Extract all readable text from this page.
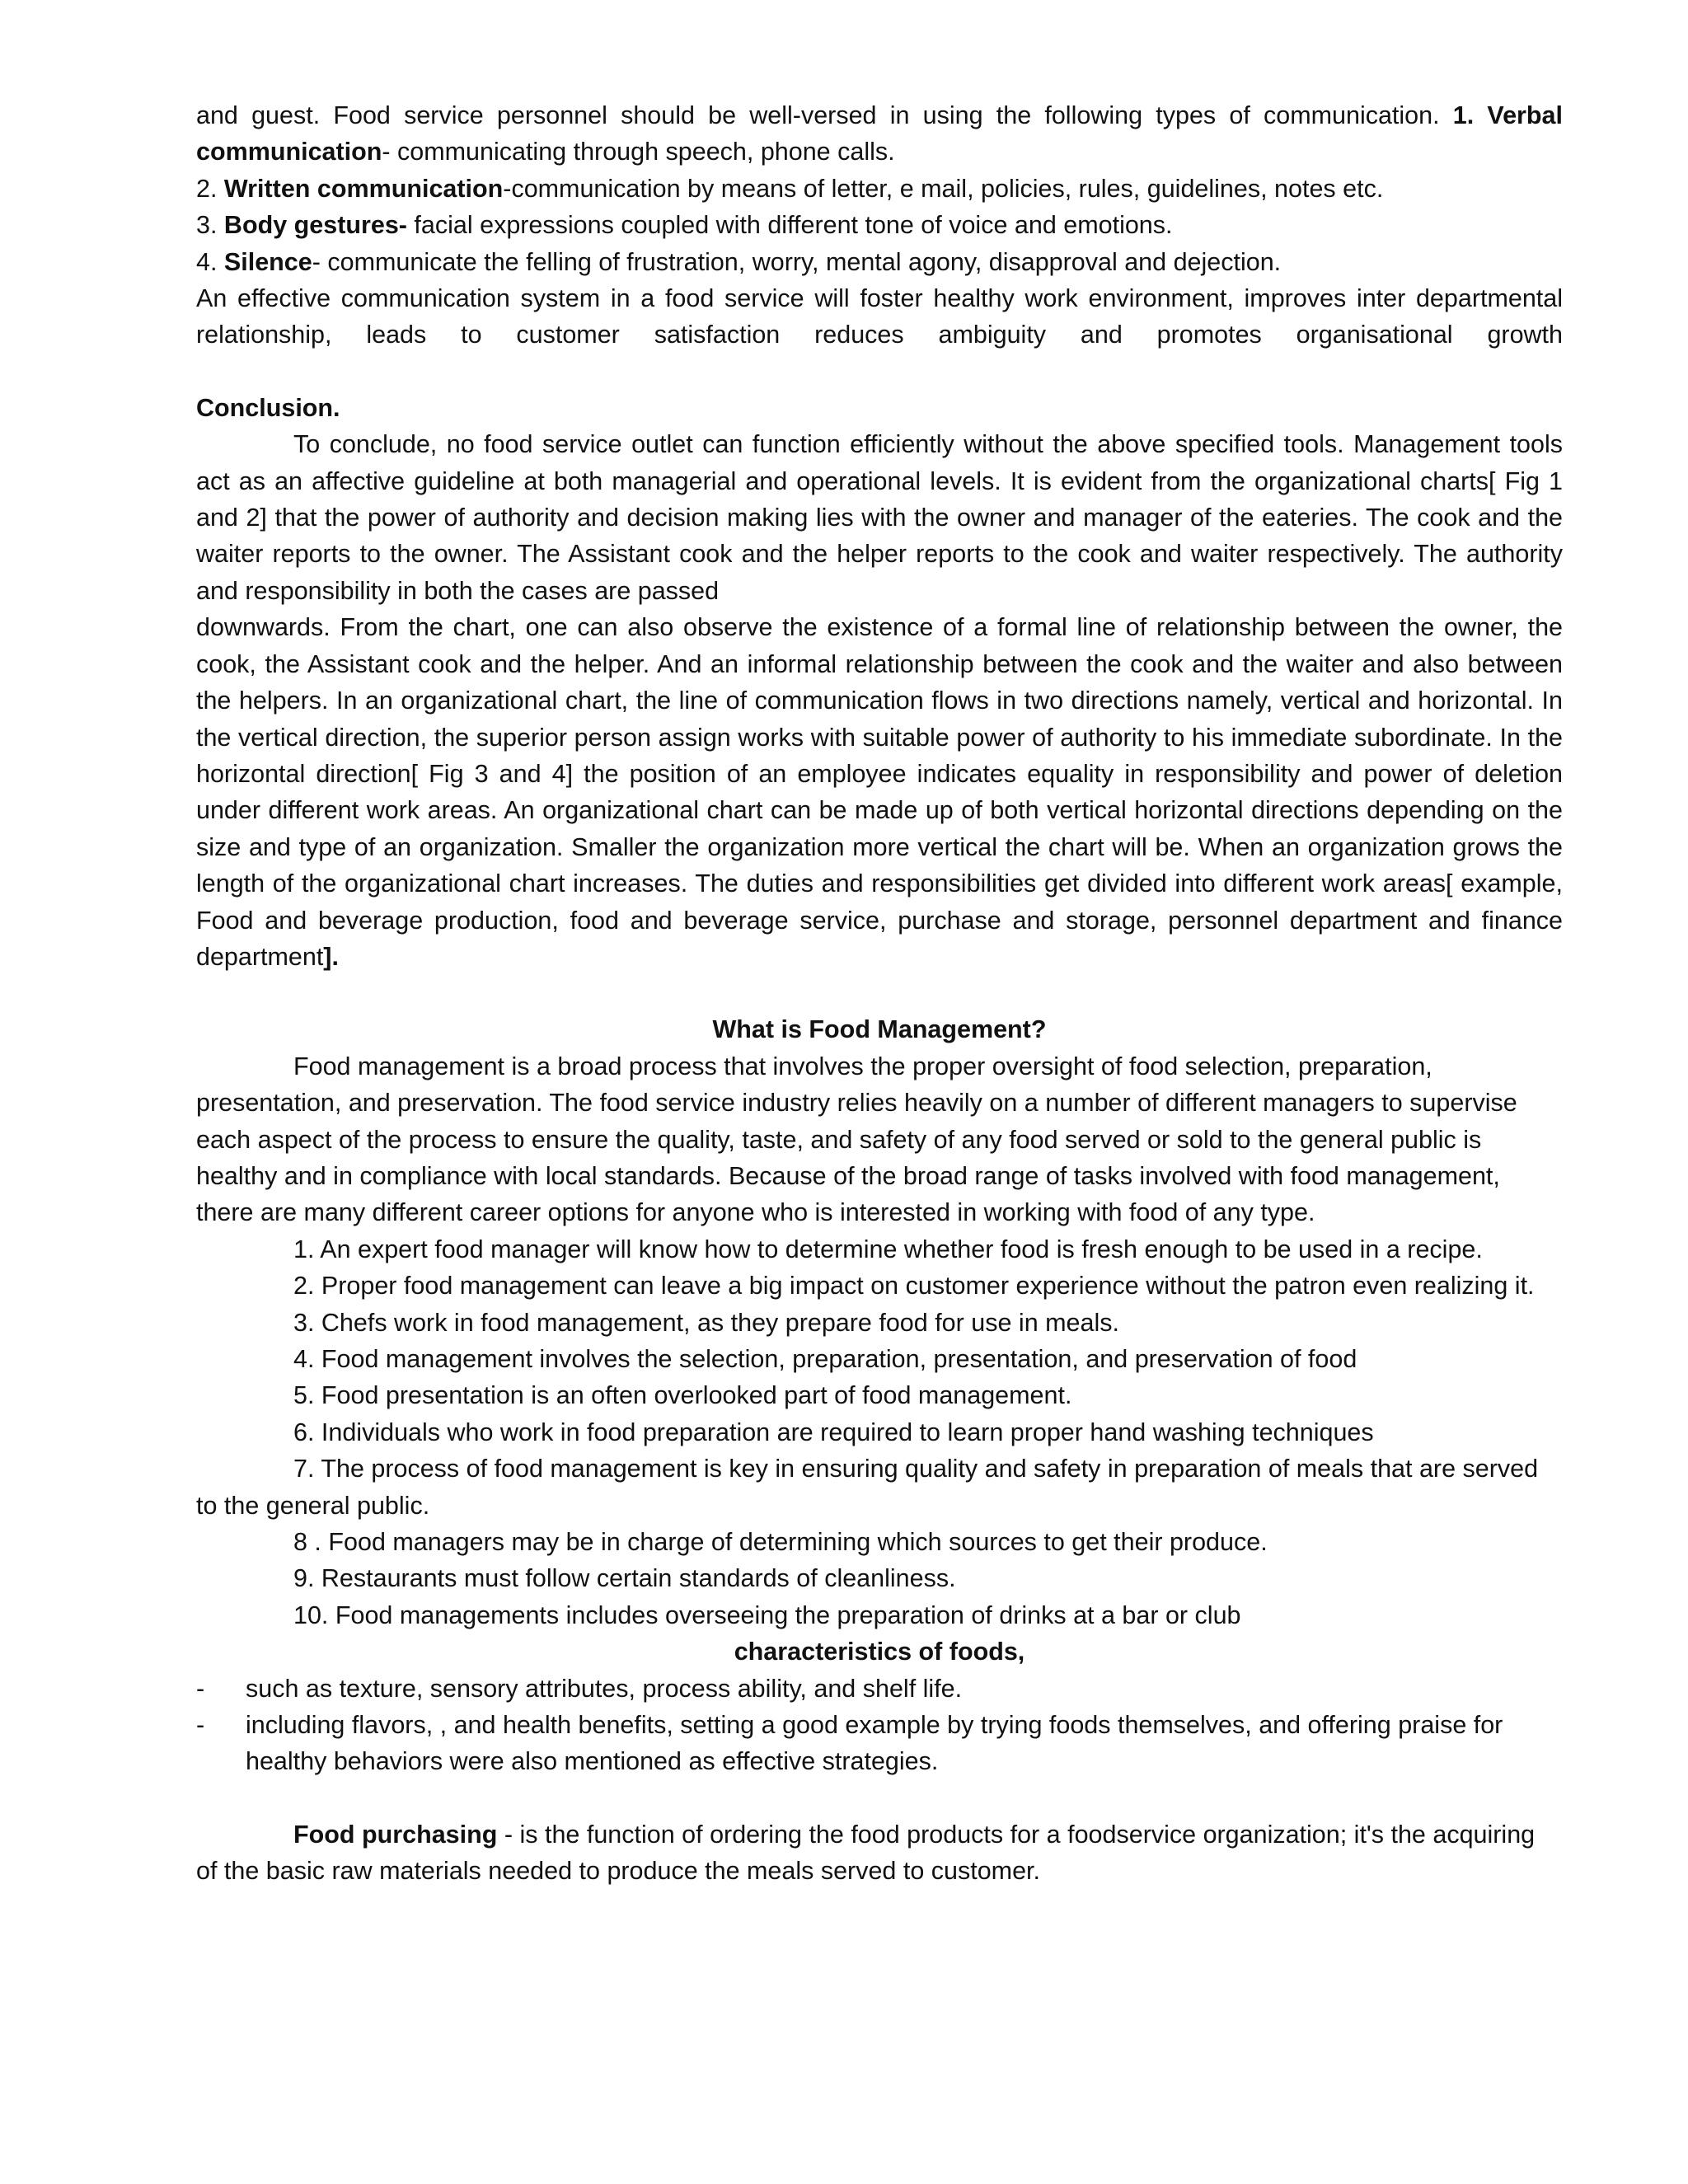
and guest. Food service personnel should be well-versed in using the following types of communication. 1. Verbal communication- communicating through speech, phone calls.

2. Written communication-communication by means of letter, e mail, policies, rules, guidelines, notes etc.

3. Body gestures- facial expressions coupled with different tone of voice and emotions.

4. Silence- communicate the felling of frustration, worry, mental agony, disapproval and dejection.

An effective communication system in a food service will foster healthy work environment, improves inter departmental relationship, leads to customer satisfaction reduces ambiguity and promotes organisational growth

Conclusion.

To conclude, no food service outlet can function efficiently without the above specified tools. Management tools act as an affective guideline at both managerial and operational levels. It is evident from the organizational charts[ Fig 1 and 2] that the power of authority and decision making lies with the owner and manager of the eateries. The cook and the waiter reports to the owner. The Assistant cook and the helper reports to the cook and waiter respectively. The authority and responsibility in both the cases are passed

downwards. From the chart, one can also observe the existence of a formal line of relationship between the owner, the cook, the Assistant cook and the helper. And an informal relationship between the cook and the waiter and also between the helpers. In an organizational chart, the line of communication flows in two directions namely, vertical and horizontal. In the vertical direction, the superior person assign works with suitable power of authority to his immediate subordinate. In the horizontal direction[ Fig 3 and 4] the position of an employee indicates equality in responsibility and power of deletion under different work areas. An organizational chart can be made up of both vertical horizontal directions depending on the size and type of an organization. Smaller the organization more vertical the chart will be. When an organization grows the length of the organizational chart increases. The duties and responsibilities get divided into different work areas[ example, Food and beverage production, food and beverage service, purchase and storage, personnel department and finance department].

What is Food Management?

Food management is a broad process that involves the proper oversight of food selection, preparation, presentation, and preservation. The food service industry relies heavily on a number of different managers to supervise each aspect of the process to ensure the quality, taste, and safety of any food served or sold to the general public is healthy and in compliance with local standards. Because of the broad range of tasks involved with food management, there are many different career options for anyone who is interested in working with food of any type.

1. An expert food manager will know how to determine whether food is fresh enough to be used in a recipe.

2. Proper food management can leave a big impact on customer experience without the patron even realizing it.

3. Chefs work in food management, as they prepare food for use in meals.

4. Food management involves the selection, preparation, presentation, and preservation of food

5. Food presentation is an often overlooked part of food management.

6. Individuals who work in food preparation are required to learn proper hand washing techniques

7. The process of food management is key in ensuring quality and safety in preparation of meals that are served to the general public.

8 . Food managers may be in charge of determining which sources to get their produce.

9. Restaurants must follow certain standards of cleanliness.

10. Food managements includes overseeing the preparation of drinks at a bar or club

characteristics of foods,

- such as texture, sensory attributes, process ability, and shelf life.
- including flavors, , and health benefits, setting a good example by trying foods themselves, and offering praise for healthy behaviors were also mentioned as effective strategies.

Food purchasing - is the function of ordering the food products for a foodservice organization; it's the acquiring of the basic raw materials needed to produce the meals served to customer.
